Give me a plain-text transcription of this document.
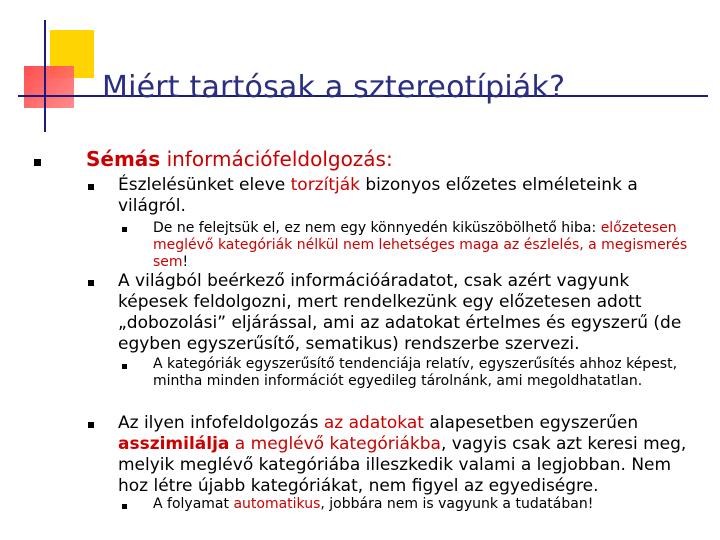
Miért tartósak a sztereotípiák?

Sémás információfeldolgozás:

Észlelésünket eleve torzítják bizonyos előzetes elméleteink a világról.

De ne felejtsük el, ez nem egy könnyedén kiküszöbölhető hiba: előzetesen meglévő kategóriák nélkül nem lehetséges maga az észlelés, a megismerés sem!

A világból beérkező információáradatot, csak azért vagyunk képesek feldolgozni, mert rendelkezünk egy előzetesen adott „dobozolási” eljárással, ami az adatokat értelmes és egyszerű (de egyben egyszerűsítő, sematikus) rendszerbe szervezi.

A kategóriák egyszerűsítő tendenciája relatív, egyszerűsítés ahhoz képest, mintha minden információt egyedileg tárolnánk, ami megoldhatatlan.

Az ilyen infofeldolgozás az adatokat alapesetben egyszerűen asszimilálja a meglévő kategóriákba, vagyis csak azt keresi meg, melyik meglévő kategóriába illeszkedik valami a legjobban. Nem hoz létre újabb kategóriákat, nem figyel az egyediségre.

A folyamat automatikus, jobbára nem is vagyunk a tudatában!
